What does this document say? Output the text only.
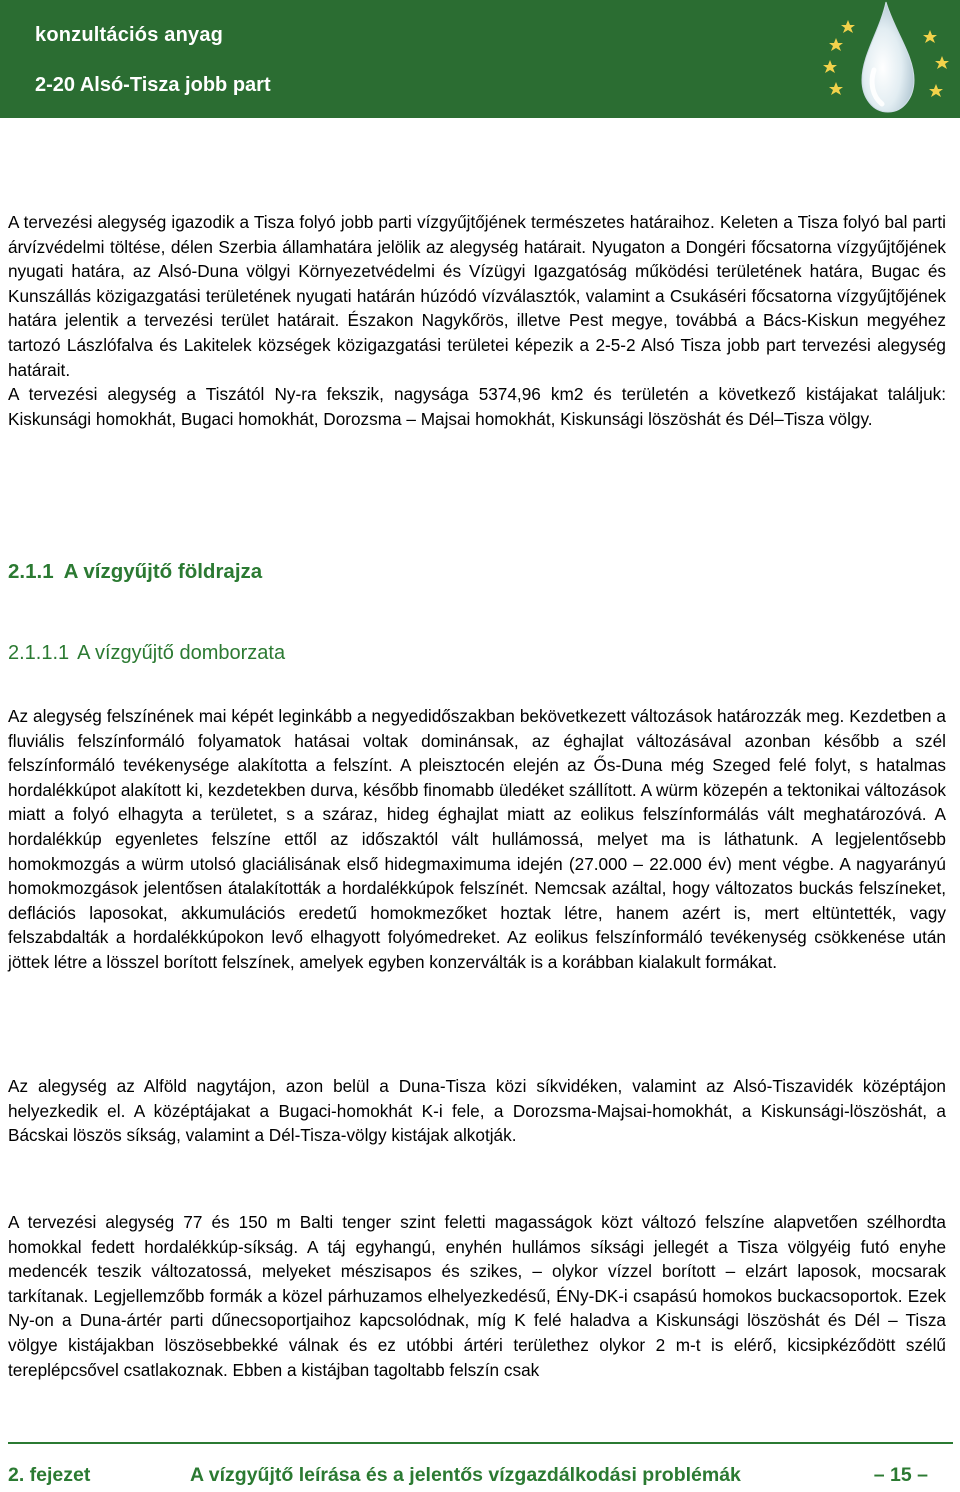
konzultációs anyag
2-20 Alsó-Tisza jobb part

A tervezési alegység igazodik a Tisza folyó jobb parti vízgyűjtőjének természetes határaihoz. Keleten a Tisza folyó bal parti árvízvédelmi töltése, délen Szerbia államhatára jelölik az alegység határait. Nyugaton a Dongéri főcsatorna vízgyűjtőjének nyugati határa, az Alsó-Duna völgyi Környezetvédelmi és Vízügyi Igazgatóság működési területének határa, Bugac és Kunszállás közigazgatási területének nyugati határán húzódó vízválasztók, valamint a Csukáséri főcsatorna vízgyűjtőjének határa jelentik a tervezési terület határait. Északon Nagykőrös, illetve Pest megye, továbbá a Bács-Kiskun megyéhez tartozó Lászlófalva és Lakitelek községek közigazgatási területei képezik a 2-5-2 Alsó Tisza jobb part tervezési alegység határait.

A tervezési alegység a Tiszától Ny-ra fekszik, nagysága 5374,96 km2 és területén a következő kistájakat találjuk: Kiskunsági homokhát, Bugaci homokhát, Dorozsma – Majsai homokhát, Kiskunsági löszöshát és Dél–Tisza völgy.

2.1.1 A vízgyűjtő földrajza
2.1.1.1 A vízgyűjtő domborzata
Az alegység felszínének mai képét leginkább a negyedidőszakban bekövetkezett változások határozzák meg. Kezdetben a fluviális felszínformáló folyamatok hatásai voltak dominánsak, az éghajlat változásával azonban később a szél felszínformáló tevékenysége alakította a felszínt. A pleisztocén elején az Ős-Duna még Szeged felé folyt, s hatalmas hordalékkúpot alakított ki, kezdetekben durva, később finomabb üledéket szállított. A würm közepén a tektonikai változások miatt a folyó elhagyta a területet, s a száraz, hideg éghajlat miatt az eolikus felszínformálás vált meghatározóvá. A hordalékkúp egyenletes felszíne ettől az időszaktól vált hullámossá, melyet ma is láthatunk. A legjelentősebb homokmozgás a würm utolsó glaciálisának első hidegmaximuma idején (27.000 – 22.000 év) ment végbe. A nagyarányú homokmozgások jelentősen átalakították a hordalékkúpok felszínét. Nemcsak azáltal, hogy változatos buckás felszíneket, deflációs laposokat, akkumulációs eredetű homokmezőket hoztak létre, hanem azért is, mert eltüntették, vagy felszabdalták a hordalékkúpokon levő elhagyott folyómedreket. Az eolikus felszínformáló tevékenység csökkenése után jöttek létre a lösszel borított felszínek, amelyek egyben konzerválták is a korábban kialakult formákat.
Az alegység az Alföld nagytájon, azon belül a Duna-Tisza közi síkvidéken, valamint az Alsó-Tiszavidék középtájon helyezkedik el. A középtájakat a Bugaci-homokhát K-i fele, a Dorozsma-Majsai-homokhát, a Kiskunsági-löszöshát, a Bácskai löszös síkság, valamint a Dél-Tisza-völgy kistájak alkotják.
A tervezési alegység 77 és 150 m Balti tenger szint feletti magasságok közt változó felszíne alapvetően szélhordta homokkal fedett hordalékkúp-síkság. A táj egyhangú, enyhén hullámos síksági jellegét a Tisza völgyéig futó enyhe medencék teszik változatossá, melyeket mészisapos és szikes, – olykor vízzel borított – elzárt laposok, mocsarak tarkítanak. Legjellemzőbb formák a közel párhuzamos elhelyezkedésű, ÉNy-DK-i csapású homokos buckacsoportok. Ezek Ny-on a Duna-ártér parti dűnecsoportjaihoz kapcsolódnak, míg K felé haladva a Kiskunsági löszöshát és Dél – Tisza völgye kistájakban löszösebbekké válnak és ez utóbbi ártéri területhez olykor 2 m-t is elérő, kicsipkéződött szélű tereplépcsővel csatlakoznak. Ebben a kistájban tagoltabb felszín csak
2. fejezet	A vízgyűjtő leírása és a jelentős vízgazdálkodási problémák	– 15 –
